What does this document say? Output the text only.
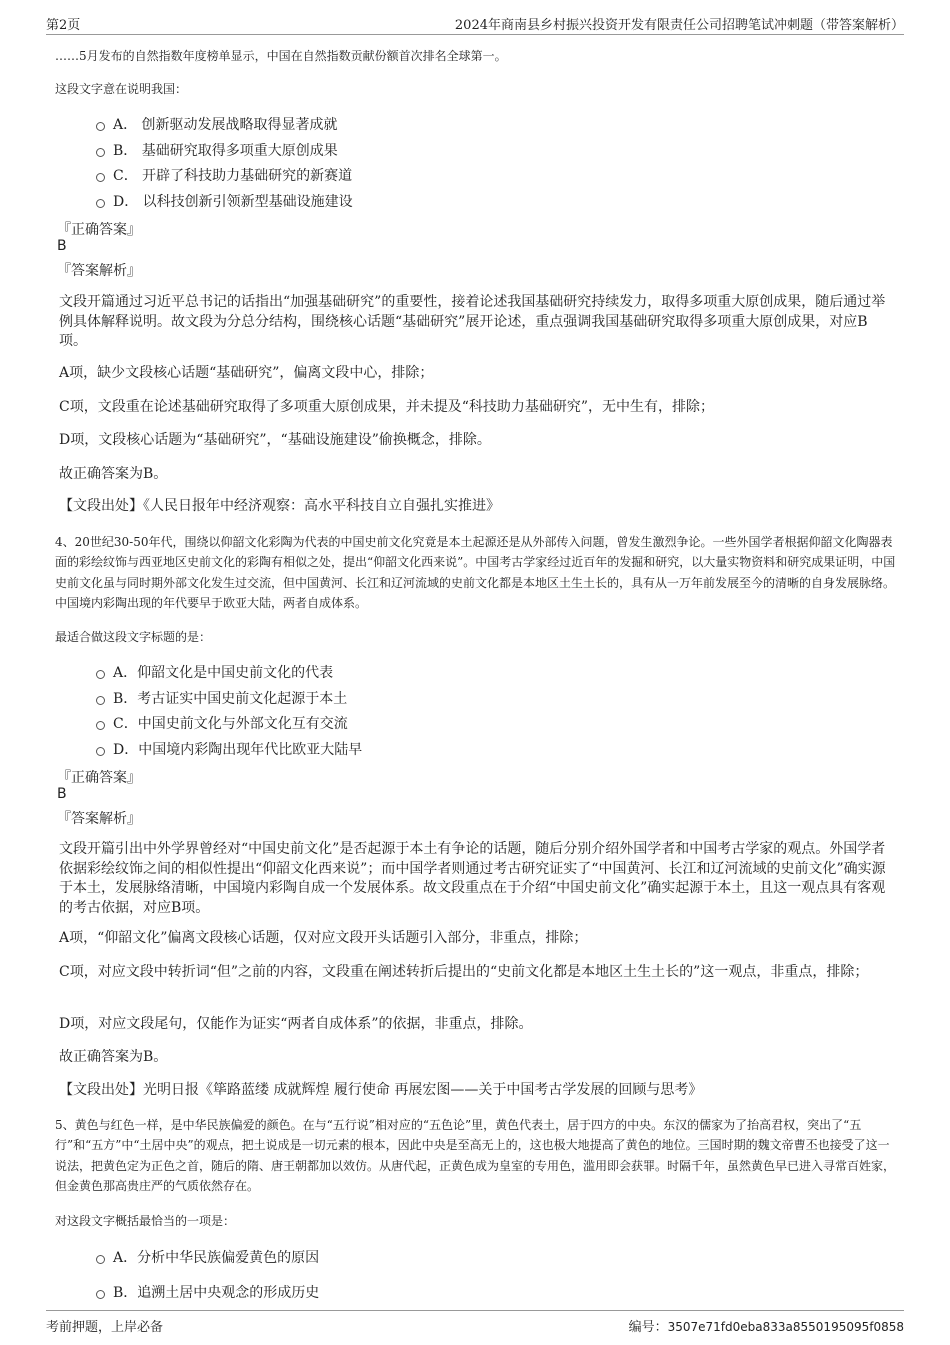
第2页	2024年商南县乡村振兴投资开发有限责任公司招聘笔试冲刺题（带答案解析）

……5月发布的自然指数年度榜单显示，中国在自然指数贡献份额首次排名全球第一。

这段文字意在说明我国：

A． 创新驱动发展战略取得显著成就
B． 基础研究取得多项重大原创成果
C． 开辟了科技助力基础研究的新赛道
D． 以科技创新引领新型基础设施建设

『正确答案』

B

『答案解析』

文段开篇通过习近平总书记的话指出“加强基础研究”的重要性，接着论述我国基础研究持续发力，取得多项重大原创成果，随后通过举例具体解释说明。故文段为分总分结构，围绕核心话题“基础研究”展开论述，重点强调我国基础研究取得多项重大原创成果，对应B项。

A项，缺少文段核心话题“基础研究”，偏离文段中心，排除；

C项，文段重在论述基础研究取得了多项重大原创成果，并未提及“科技助力基础研究”，无中生有，排除；

D项，文段核心话题为“基础研究”，“基础设施建设”偷换概念，排除。

故正确答案为B。

【文段出处】《人民日报年中经济观察：高水平科技自立自强扎实推进》

4、20世纪30-50年代，围绕以仰韶文化彩陶为代表的中国史前文化究竟是本土起源还是从外部传入问题，曾发生激烈争论。一些外国学者根据仰韶文化陶器表面的彩绘纹饰与西亚地区史前文化的彩陶有相似之处，提出“仰韶文化西来说”。中国考古学家经过近百年的发掘和研究，以大量实物资料和研究成果证明，中国史前文化虽与同时期外部文化发生过交流，但中国黄河、长江和辽河流域的史前文化都是本地区土生土长的，具有从一万年前发展至今的清晰的自身发展脉络。中国境内彩陶出现的年代要早于欧亚大陆，两者自成体系。

最适合做这段文字标题的是：

A．仰韶文化是中国史前文化的代表
B．考古证实中国史前文化起源于本土
C．中国史前文化与外部文化互有交流
D．中国境内彩陶出现年代比欧亚大陆早

『正确答案』

B

『答案解析』

文段开篇引出中外学界曾经对“中国史前文化”是否起源于本土有争论的话题，随后分别介绍外国学者和中国考古学家的观点。外国学者依据彩绘纹饰之间的相似性提出“仰韶文化西来说”；而中国学者则通过考古研究证实了“中国黄河、长江和辽河流域的史前文化”确实源于本土，发展脉络清晰，中国境内彩陶自成一个发展体系。故文段重点在于介绍“中国史前文化”确实起源于本土，且这一观点具有客观的考古依据，对应B项。

A项，“仰韶文化”偏离文段核心话题，仅对应文段开头话题引入部分，非重点，排除；

C项，对应文段中转折词“但”之前的内容，文段重在阐述转折后提出的“史前文化都是本地区土生土长的”这一观点，非重点，排除；

D项，对应文段尾句，仅能作为证实“两者自成体系”的依据，非重点，排除。

故正确答案为B。

【文段出处】光明日报《筚路蓝缕 成就辉煌 履行使命 再展宏图——关于中国考古学发展的回顾与思考》

5、黄色与红色一样，是中华民族偏爱的颜色。在与“五行说”相对应的“五色论”里，黄色代表土，居于四方的中央。东汉的儒家为了抬高君权，突出了“五行”和“五方”中“土居中央”的观点，把土说成是一切元素的根本，因此中央是至高无上的，这也极大地提高了黄色的地位。三国时期的魏文帝曹丕也接受了这一说法，把黄色定为正色之首，随后的隋、唐王朝都加以效仿。从唐代起，正黄色成为皇室的专用色，滥用即会获罪。时隔千年，虽然黄色早已进入寻常百姓家，但金黄色那高贵庄严的气质依然存在。

对这段文字概括最恰当的一项是：

A．分析中华民族偏爱黄色的原因
B．追溯土居中央观念的形成历史
考前押题，上岸必备	编号：3507e71fd0eba833a8550195095f0858
